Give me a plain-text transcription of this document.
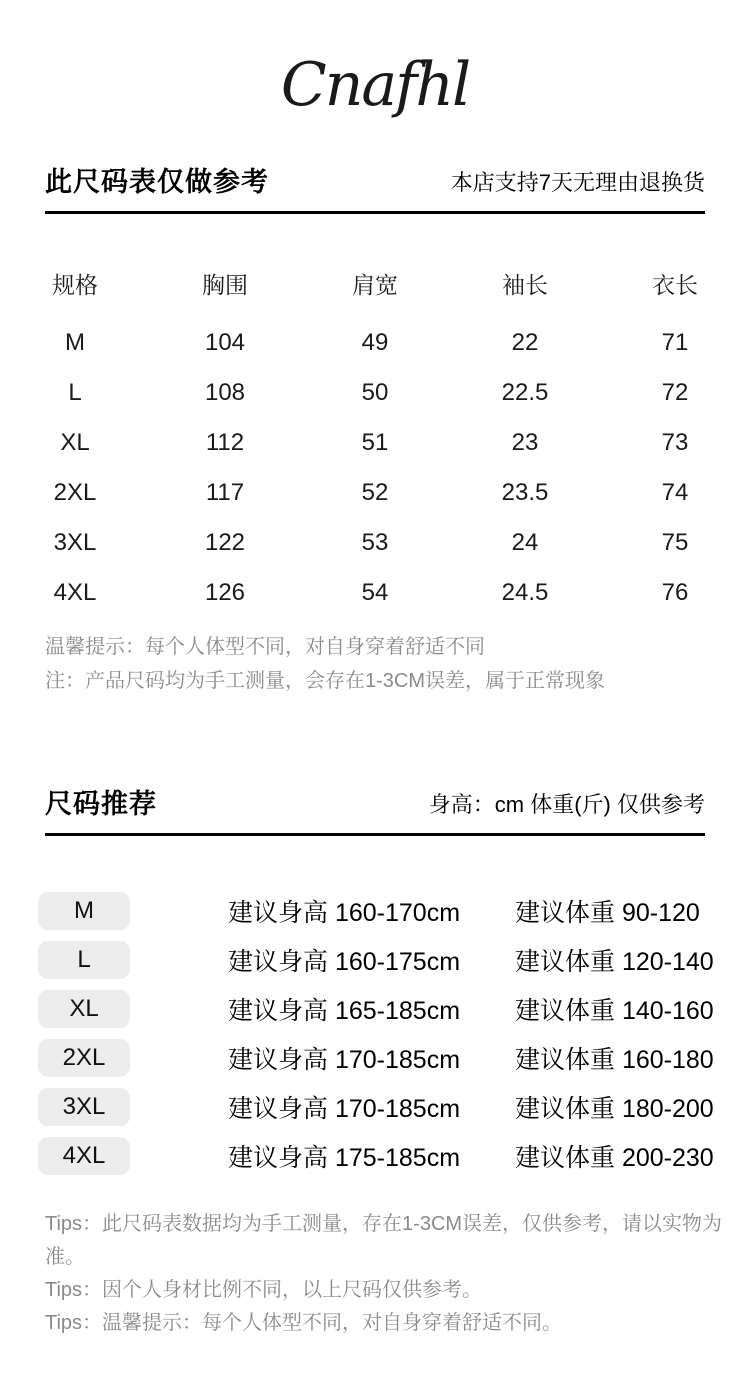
Cnafhl
此尺码表仅做参考	本店支持7天无理由退换货
规格	胸围	肩宽	袖长	衣长
M	104	49	22	71
L	108	50	22.5	72
XL	112	51	23	73
2XL	117	52	23.5	74
3XL	122	53	24	75
4XL	126	54	24.5	76
温馨提示：每个人体型不同，对自身穿着舒适不同
注：产品尺码均为手工测量，会存在1-3CM误差，属于正常现象
尺码推荐	身高：cm 体重(斤) 仅供参考
M	建议身高 160-170cm	建议体重 90-120
L	建议身高 160-175cm	建议体重 120-140
XL	建议身高 165-185cm	建议体重 140-160
2XL	建议身高 170-185cm	建议体重 160-180
3XL	建议身高 170-185cm	建议体重 180-200
4XL	建议身高 175-185cm	建议体重 200-230
Tips：此尺码表数据均为手工测量，存在1-3CM误差，仅供参考，请以实物为准。
Tips：因个人身材比例不同，以上尺码仅供参考。
Tips：温馨提示：每个人体型不同，对自身穿着舒适不同。
